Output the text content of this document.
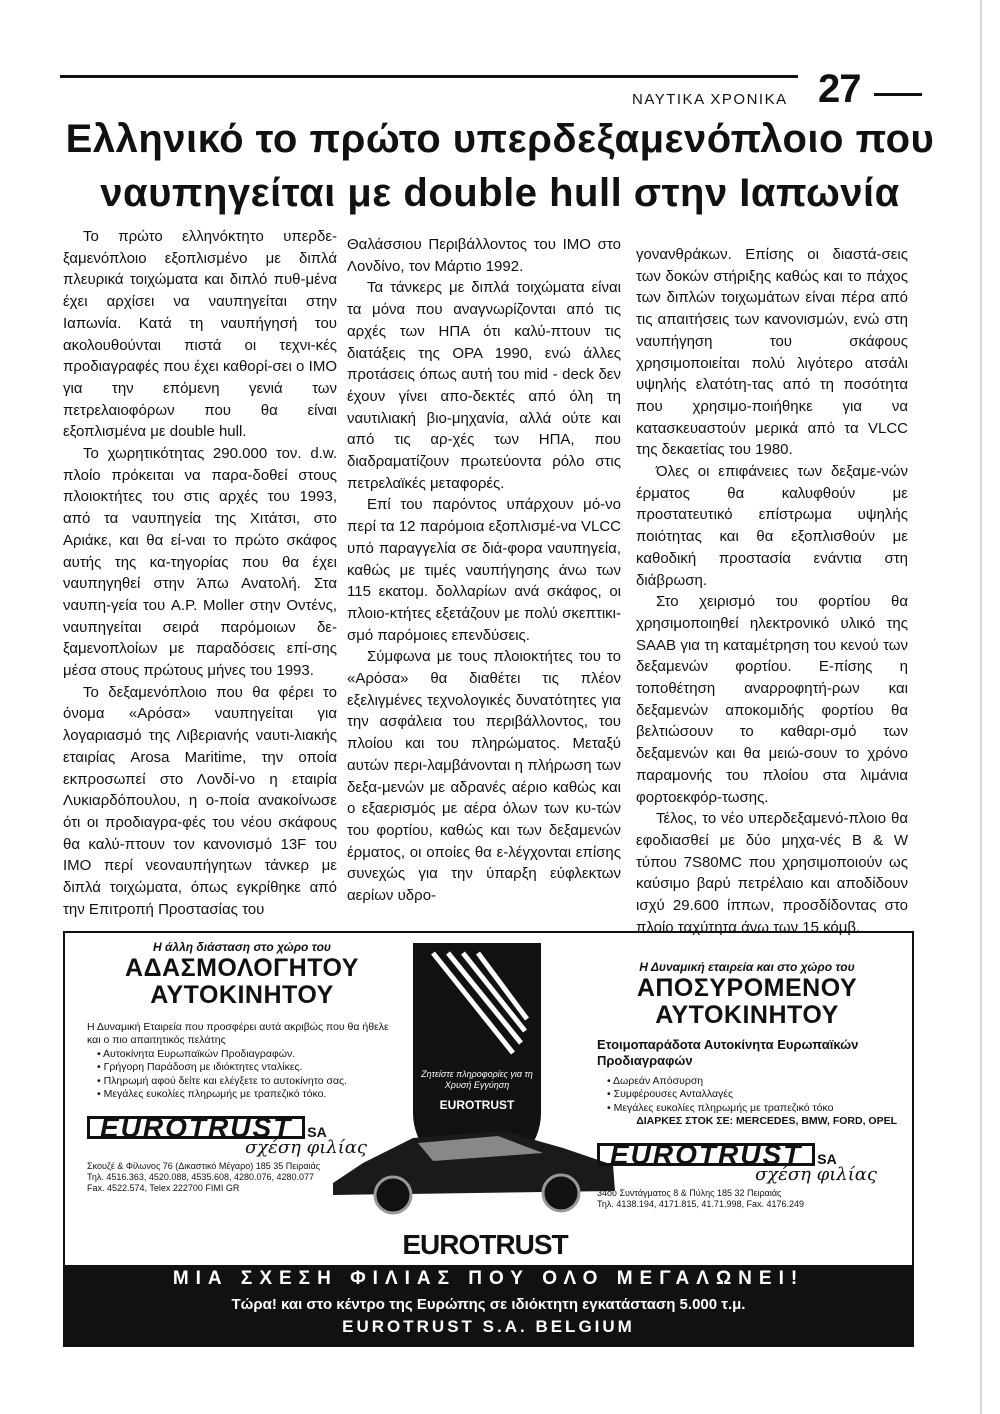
ΝΑΥΤΙΚΑ ΧΡΟΝΙΚΑ 27
Ελληνικό το πρώτο υπερδεξαμενόπλοιο που
ναυπηγείται με double hull στην Ιαπωνία

Το πρώτο ελληνόκτητο υπερδε-ξαμενόπλοιο εξοπλισμένο με διπλά πλευρικά τοιχώματα και διπλό πυθ-μένα έχει αρχίσει να ναυπηγείται στην Ιαπωνία. Κατά τη ναυπήγησή του ακολουθούνται πιστά οι τεχνι-κές προδιαγραφές που έχει καθορί-σει ο ΙΜΟ για την επόμενη γενιά των πετρελαιοφόρων που θα είναι εξοπλισμένα με double hull.

Το χωρητικότητας 290.000 τον. d.w. πλοίο πρόκειται να παρα-δοθεί στους πλοιοκτήτες του στις αρχές του 1993, από τα ναυπηγεία της Χιτάτσι, στο Αριάκε, και θα εί-ναι το πρώτο σκάφος αυτής της κα-τηγορίας που θα έχει ναυπηγηθεί στην Άπω Ανατολή. Στα ναυπη-γεία του A.P. Moller στην Οντένς, ναυπηγείται σειρά παρόμοιων δε-ξαμενοπλοίων με παραδόσεις επί-σης μέσα στους πρώτους μήνες του 1993.

Το δεξαμενόπλοιο που θα φέρει το όνομα «Αρόσα» ναυπηγείται για λογαριασμό της Λιβεριανής ναυτι-λιακής εταιρίας Arosa Maritime, την οποία εκπροσωπεί στο Λονδί-νο η εταιρία Λυκιαρδόπουλου, η ο-ποία ανακοίνωσε ότι οι προδιαγρα-φές του νέου σκάφους θα καλύ-πτουν τον κανονισμό 13F του ΙΜΟ περί νεοναυπήγητων τάνκερ με διπλά τοιχώματα, όπως εγκρίθηκε από την Επιτροπή Προστασίας του

Θαλάσσιου Περιβάλλοντος του ΙΜΟ στο Λονδίνο, τον Μάρτιο 1992.

Τα τάνκερς με διπλά τοιχώματα είναι τα μόνα που αναγνωρίζονται από τις αρχές των ΗΠΑ ότι καλύ-πτουν τις διατάξεις της ΟΡΑ 1990, ενώ άλλες προτάσεις όπως αυτή του mid - deck δεν έχουν γίνει απο-δεκτές από όλη τη ναυτιλιακή βιο-μηχανία, αλλά ούτε και από τις αρ-χές των ΗΠΑ, που διαδραματίζουν πρωτεύοντα ρόλο στις πετρελαϊκές μεταφορές.

Επί του παρόντος υπάρχουν μό-νο περί τα 12 παρόμοια εξοπλισμέ-να VLCC υπό παραγγελία σε διά-φορα ναυπηγεία, καθώς με τιμές ναυπήγησης άνω των 115 εκατομ. δολλαρίων ανά σκάφος, οι πλοιο-κτήτες εξετάζουν με πολύ σκεπτικι-σμό παρόμοιες επενδύσεις.

Σύμφωνα με τους πλοιοκτήτες του το «Αρόσα» θα διαθέτει τις πλέον εξελιγμένες τεχνολογικές δυνατότητες για την ασφάλεια του περιβάλλοντος, του πλοίου και του πληρώματος. Μεταξύ αυτών περι-λαμβάνονται η πλήρωση των δεξα-μενών με αδρανές αέριο καθώς και ο εξαερισμός με αέρα όλων των κυ-τών του φορτίου, καθώς και των δεξαμενών έρματος, οι οποίες θα ε-λέγχονται επίσης συνεχώς για την ύπαρξη εύφλεκτων αερίων υδρο-

γονανθράκων. Επίσης οι διαστά-σεις των δοκών στήριξης καθώς και το πάχος των διπλών τοιχωμάτων είναι πέρα από τις απαιτήσεις των κανονισμών, ενώ στη ναυπήγηση του σκάφους χρησιμοποιείται πολύ λιγότερο ατσάλι υψηλής ελατότη-τας από τη ποσότητα που χρησιμο-ποιήθηκε για να κατασκευαστούν μερικά από τα VLCC της δεκαετίας του 1980.

Όλες οι επιφάνειες των δεξαμε-νών έρματος θα καλυφθούν με προστατευτικό επίστρωμα υψηλής ποιότητας και θα εξοπλισθούν με καθοδική προστασία ενάντια στη διάβρωση.

Στο χειρισμό του φορτίου θα χρησιμοποιηθεί ηλεκτρονικό υλικό της SAAB για τη καταμέτρηση του κενού των δεξαμενών φορτίου. Ε-πίσης η τοποθέτηση αναρροφητή-ρων και δεξαμενών αποκομιδής φορτίου θα βελτιώσουν το καθαρι-σμό των δεξαμενών και θα μειώ-σουν το χρόνο παραμονής του πλοίου στα λιμάνια φορτοεκφόρ-τωσης.

Τέλος, το νέο υπερδεξαμενό-πλοιο θα εφοδιασθεί με δύο μηχα-νές B & W τύπου 7S80MC που χρησιμοποιούν ως καύσιμο βαρύ πετρέλαιο και αποδίδουν ισχύ 29.600 ίππων, προσδίδοντας στο πλοίο ταχύτητα άνω των 15 κόμβ.

Η άλλη διάσταση στο χώρο του
ΑΔΑΣΜΟΛΟΓΗΤΟΥ
ΑΥΤΟΚΙΝΗΤΟΥ
Η Δυναμική Εταιρεία που προσφέρει αυτά ακριβώς που θα ήθελε και ο πιο απαιτητικός πελάτης
• Αυτοκίνητα Ευρωπαϊκών Προδιαγραφών.
• Γρήγορη Παράδοση με ιδιόκτητες νταλίκες.
• Πληρωμή αφού δείτε και ελέγξετε το αυτοκίνητο σας.
• Μεγάλες ευκολίες πληρωμής με τραπεζικό τόκο.
EUROTRUST SA
σχέση φιλίας
Σκουζέ & Φίλωνος 76 (Δικαστικό Μέγαρο) 185 35 Πειραιάς
Τηλ. 4516.363, 4520.088, 4535.608, 4280.076, 4280.077
Fax. 4522.574, Telex 222700 FIMI GR
Ζητείστε πληροφορίες για τη Χρυσή Εγγύηση
EUROTRUST
EUROTRUST
Η Δυναμική εταιρεία και στο χώρο του
ΑΠΟΣΥΡΟΜΕΝΟΥ
ΑΥΤΟΚΙΝΗΤΟΥ
Ετοιμοπαράδοτα Αυτοκίνητα Ευρωπαϊκών Προδιαγραφών
• Δωρεάν Απόσυρση
• Συμφέρουσες Ανταλλαγές
• Μεγάλες ευκολίες πληρωμής με τραπεζικό τόκο
ΔΙΑΡΚΕΣ ΣΤΟΚ ΣΕ: MERCEDES, BMW, FORD, OPEL
EUROTRUST SA
σχέση φιλίας
34ου Συντάγματος 8 & Πύλης 185 32 Πειραιάς
Τηλ. 4138.194, 4171.815, 41.71.998, Fax. 4176.249
ΜΙΑ ΣΧΕΣΗ ΦΙΛΙΑΣ ΠΟΥ ΟΛΟ ΜΕΓΑΛΩΝΕΙ!
Τώρα! και στο κέντρο της Ευρώπης σε ιδιόκτητη εγκατάσταση 5.000 τ.μ.
EUROTRUST S.A. BELGIUM
